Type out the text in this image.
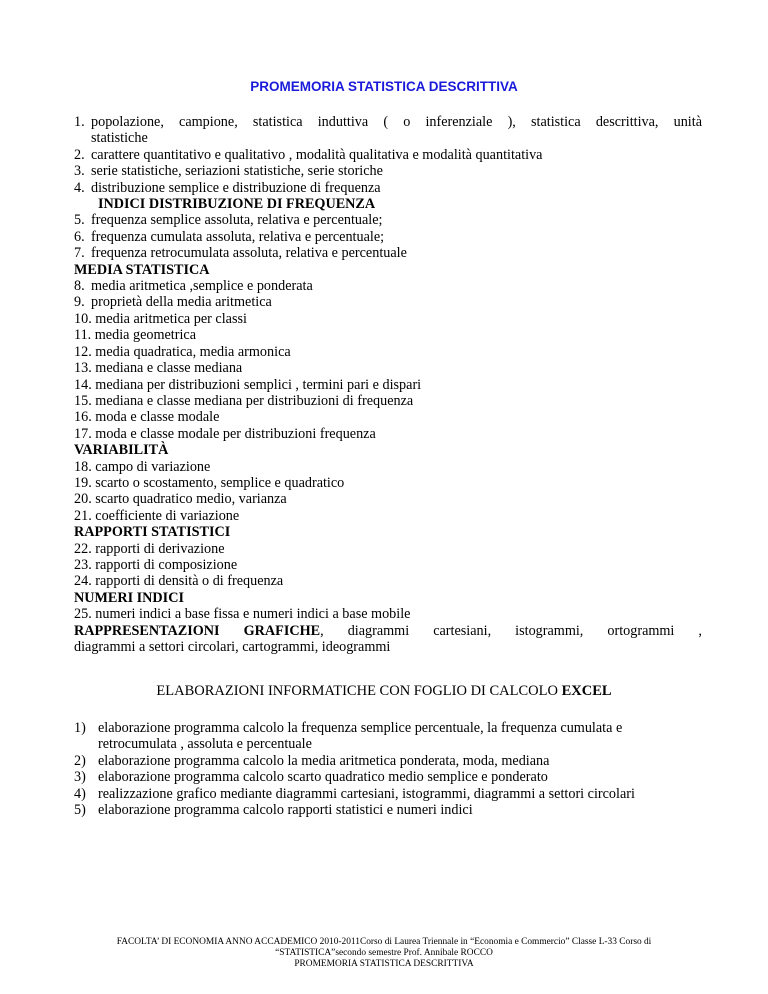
PROMEMORIA STATISTICA DESCRITTIVA
1. popolazione, campione, statistica induttiva ( o inferenziale ), statistica descrittiva, unità
statistiche
2. carattere quantitativo e qualitativo , modalità qualitativa e modalità quantitativa
3. serie statistiche, seriazioni statistiche, serie storiche
4. distribuzione semplice e distribuzione di frequenza
INDICI DISTRIBUZIONE DI FREQUENZA
5. frequenza semplice assoluta, relativa e percentuale;
6. frequenza cumulata assoluta, relativa e percentuale;
7. frequenza retrocumulata assoluta, relativa e percentuale
MEDIA STATISTICA
8. media aritmetica ,semplice e ponderata
9. proprietà della media aritmetica
10. media aritmetica per classi
11. media geometrica
12. media quadratica, media armonica
13. mediana e classe mediana
14. mediana per distribuzioni semplici , termini pari e dispari
15. mediana e classe mediana per distribuzioni di frequenza
16. moda e classe modale
17. moda e classe modale per distribuzioni frequenza
VARIABILITÀ
18. campo di variazione
19. scarto o scostamento, semplice e quadratico
20. scarto quadratico medio, varianza
21. coefficiente di variazione
RAPPORTI STATISTICI
22. rapporti di derivazione
23. rapporti di composizione
24. rapporti di densità o di frequenza
NUMERI INDICI
25. numeri indici a base fissa e numeri indici a base mobile
RAPPRESENTAZIONI GRAFICHE, diagrammi cartesiani, istogrammi, ortogrammi ,
diagrammi a settori circolari, cartogrammi, ideogrammi
ELABORAZIONI INFORMATICHE CON FOGLIO DI CALCOLO EXCEL
1) elaborazione programma calcolo la frequenza semplice percentuale, la frequenza cumulata e retrocumulata , assoluta e percentuale
2) elaborazione programma calcolo la media aritmetica ponderata, moda, mediana
3) elaborazione programma calcolo scarto quadratico medio semplice e ponderato
4) realizzazione grafico mediante diagrammi cartesiani, istogrammi, diagrammi a settori circolari
5) elaborazione programma calcolo rapporti statistici e numeri indici
FACOLTA’ DI ECONOMIA ANNO ACCADEMICO 2010-2011Corso di Laurea Triennale in “Economia e Commercio” Classe L-33 Corso di
“STATISTICA”secondo semestre Prof. Annibale ROCCO
PROMEMORIA STATISTICA DESCRITTIVA
